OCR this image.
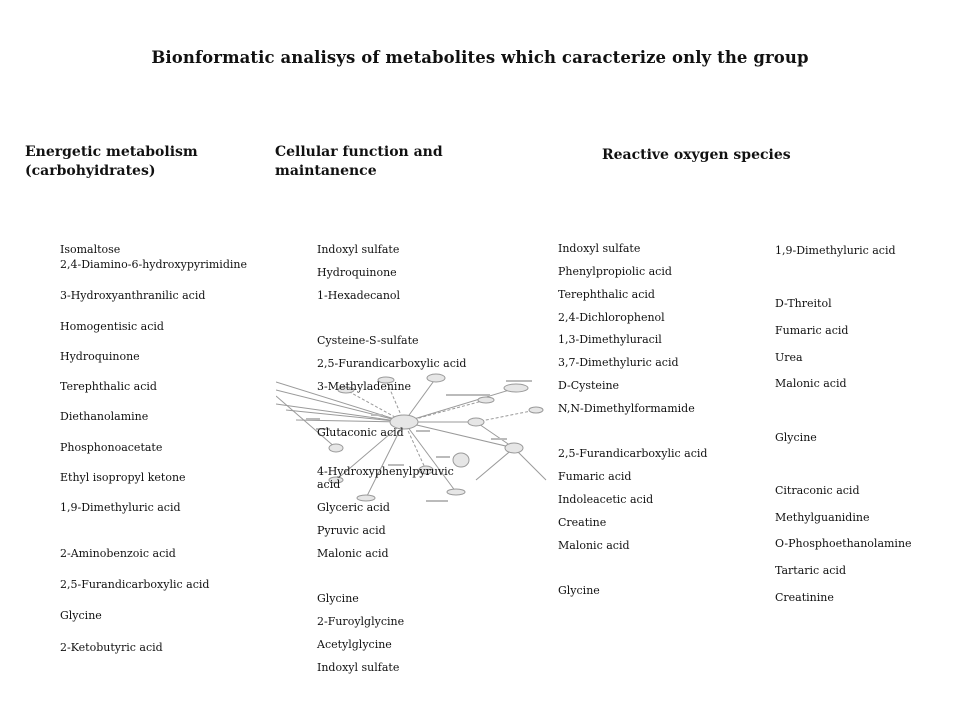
Bionformatic analisys of metabolites which caracterize only the group
Energetic metabolism
(carbohyidrates)
Cellular function and
maintanence
Reactive oxygen species
Isomaltose
2,4-Diamino-6-hydroxypyrimidine
3-Hydroxyanthranilic acid
Homogentisic acid
Hydroquinone
Terephthalic acid
Diethanolamine
Phosphonoacetate
Ethyl isopropyl ketone
1,9-Dimethyluric acid
2-Aminobenzoic acid
2,5-Furandicarboxylic acid
Glycine
2-Ketobutyric acid
Indoxyl sulfate
Hydroquinone
1-Hexadecanol
Cysteine-S-sulfate
2,5-Furandicarboxylic acid
3-Methyladenine
Glutaconic acid
4-Hydroxyphenylpyruvic acid
Glyceric acid
Pyruvic acid
Malonic acid
Glycine
2-Furoylglycine
Acetylglycine
Indoxyl sulfate
Indoxyl sulfate
Phenylpropiolic acid
Terephthalic acid
2,4-Dichlorophenol
1,3-Dimethyluracil
3,7-Dimethyluric acid
D-Cysteine
N,N-Dimethylformamide
2,5-Furandicarboxylic acid
Fumaric acid
Indoleacetic acid
Creatine
Malonic acid
Glycine
1,9-Dimethyluric acid
D-Threitol
Fumaric acid
Urea
Malonic acid
Glycine
Citraconic acid
Methylguanidine
O-Phosphoethanolamine
Tartaric acid
Creatinine
